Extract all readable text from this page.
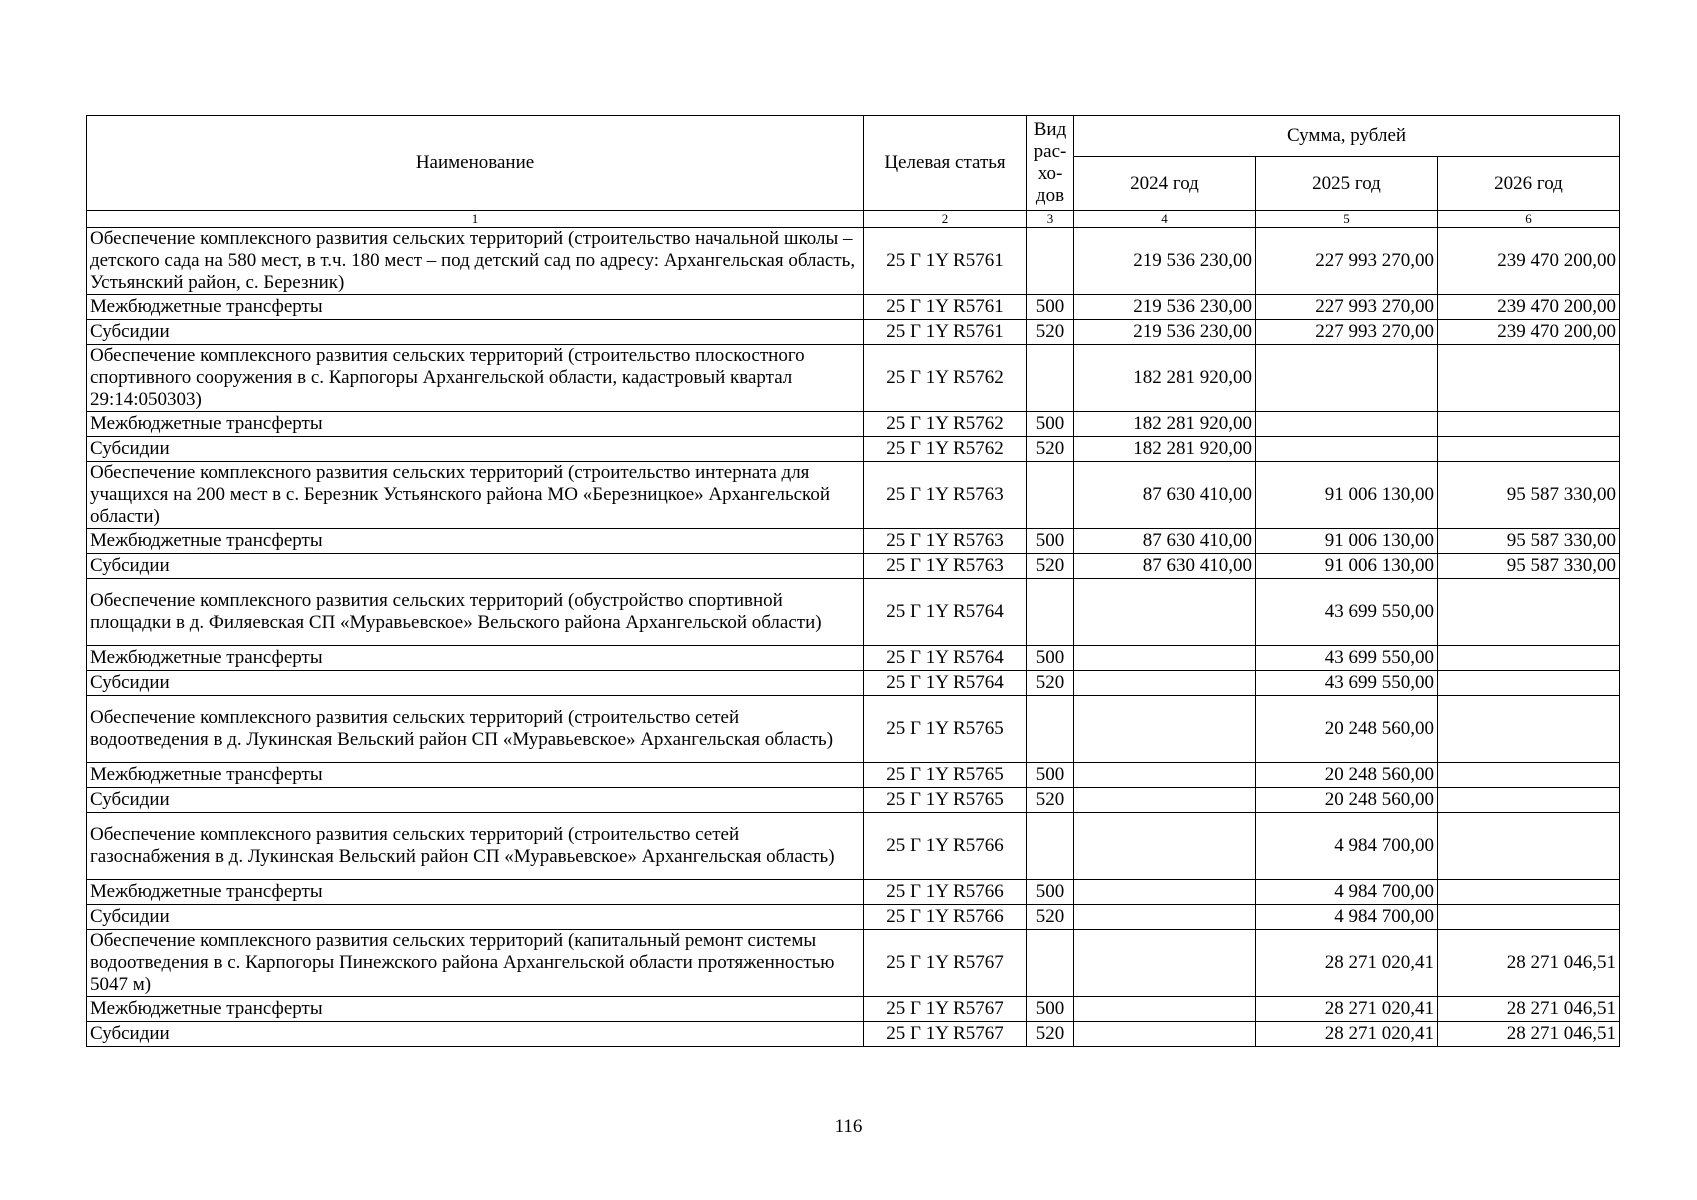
Наименование	Целевая статья	Вид рас-хо-дов	Сумма, рублей		
			2024 год	2025 год	2026 год
1	2	3	4	5	6
Обеспечение комплексного развития сельских территорий (строительство начальной школы – детского сада на 580 мест, в т.ч. 180 мест – под детский сад по адресу: Архангельская область, Устьянский район, с. Березник)	25 Г 1Y R5761		219 536 230,00	227 993 270,00	239 470 200,00
Межбюджетные трансферты	25 Г 1Y R5761	500	219 536 230,00	227 993 270,00	239 470 200,00
Субсидии	25 Г 1Y R5761	520	219 536 230,00	227 993 270,00	239 470 200,00
Обеспечение комплексного развития сельских территорий (строительство плоскостного спортивного сооружения в с. Карпогоры Архангельской области, кадастровый квартал 29:14:050303)	25 Г 1Y R5762		182 281 920,00		
Межбюджетные трансферты	25 Г 1Y R5762	500	182 281 920,00		
Субсидии	25 Г 1Y R5762	520	182 281 920,00		
Обеспечение комплексного развития сельских территорий (строительство интерната для учащихся на 200 мест в с. Березник Устьянского района МО «Березницкое» Архангельской области)	25 Г 1Y R5763		87 630 410,00	91 006 130,00	95 587 330,00
Межбюджетные трансферты	25 Г 1Y R5763	500	87 630 410,00	91 006 130,00	95 587 330,00
Субсидии	25 Г 1Y R5763	520	87 630 410,00	91 006 130,00	95 587 330,00
Обеспечение комплексного развития сельских территорий (обустройство спортивной площадки в д. Филяевская СП «Муравьевское» Вельского района Архангельской области)	25 Г 1Y R5764			43 699 550,00	
Межбюджетные трансферты	25 Г 1Y R5764	500		43 699 550,00	
Субсидии	25 Г 1Y R5764	520		43 699 550,00	
Обеспечение комплексного развития сельских территорий (строительство сетей водоотведения в д. Лукинская Вельский район СП «Муравьевское» Архангельская область)	25 Г 1Y R5765			20 248 560,00	
Межбюджетные трансферты	25 Г 1Y R5765	500		20 248 560,00	
Субсидии	25 Г 1Y R5765	520		20 248 560,00	
Обеспечение комплексного развития сельских территорий (строительство сетей газоснабжения в д. Лукинская Вельский район СП «Муравьевское» Архангельская область)	25 Г 1Y R5766			4 984 700,00	
Межбюджетные трансферты	25 Г 1Y R5766	500		4 984 700,00	
Субсидии	25 Г 1Y R5766	520		4 984 700,00	
Обеспечение комплексного развития сельских территорий (капитальный ремонт системы водоотведения в с. Карпогоры Пинежского района Архангельской области протяженностью 5047 м)	25 Г 1Y R5767			28 271 020,41	28 271 046,51
Межбюджетные трансферты	25 Г 1Y R5767	500		28 271 020,41	28 271 046,51
Субсидии	25 Г 1Y R5767	520		28 271 020,41	28 271 046,51
116
